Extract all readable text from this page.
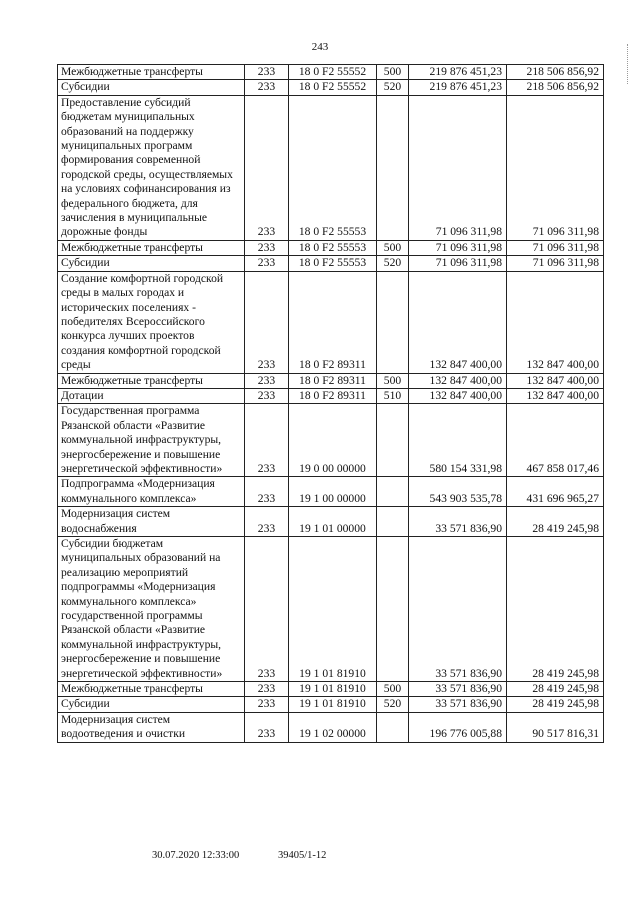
243
Межбюджетные трансферты	233	18 0 F2 55552	500	219 876 451,23	218 506 856,92
Субсидии	233	18 0 F2 55552	520	219 876 451,23	218 506 856,92
Предоставление субсидий бюджетам муниципальных образований на поддержку муниципальных программ формирования современной городской среды, осуществляемых на условиях софинансирования из федерального бюджета, для зачисления в муниципальные дорожные фонды	233	18 0 F2 55553		71 096 311,98	71 096 311,98
Межбюджетные трансферты	233	18 0 F2 55553	500	71 096 311,98	71 096 311,98
Субсидии	233	18 0 F2 55553	520	71 096 311,98	71 096 311,98
Создание комфортной городской среды в малых городах и исторических поселениях - победителях Всероссийского конкурса лучших проектов создания комфортной городской среды	233	18 0 F2 89311		132 847 400,00	132 847 400,00
Межбюджетные трансферты	233	18 0 F2 89311	500	132 847 400,00	132 847 400,00
Дотации	233	18 0 F2 89311	510	132 847 400,00	132 847 400,00
Государственная программа Рязанской области «Развитие коммунальной инфраструктуры, энергосбережение и повышение энергетической эффективности»	233	19 0 00 00000		580 154 331,98	467 858 017,46
Подпрограмма «Модернизация коммунального комплекса»	233	19 1 00 00000		543 903 535,78	431 696 965,27
Модернизация систем водоснабжения	233	19 1 01 00000		33 571 836,90	28 419 245,98
Субсидии бюджетам муниципальных образований на реализацию мероприятий подпрограммы «Модернизация коммунального комплекса» государственной программы Рязанской области «Развитие коммунальной инфраструктуры, энергосбережение и повышение энергетической эффективности»	233	19 1 01 81910		33 571 836,90	28 419 245,98
Межбюджетные трансферты	233	19 1 01 81910	500	33 571 836,90	28 419 245,98
Субсидии	233	19 1 01 81910	520	33 571 836,90	28 419 245,98
Модернизация систем водоотведения и очистки	233	19 1 02 00000		196 776 005,88	90 517 816,31
30.07.2020 12:33:00	39405/1-12
